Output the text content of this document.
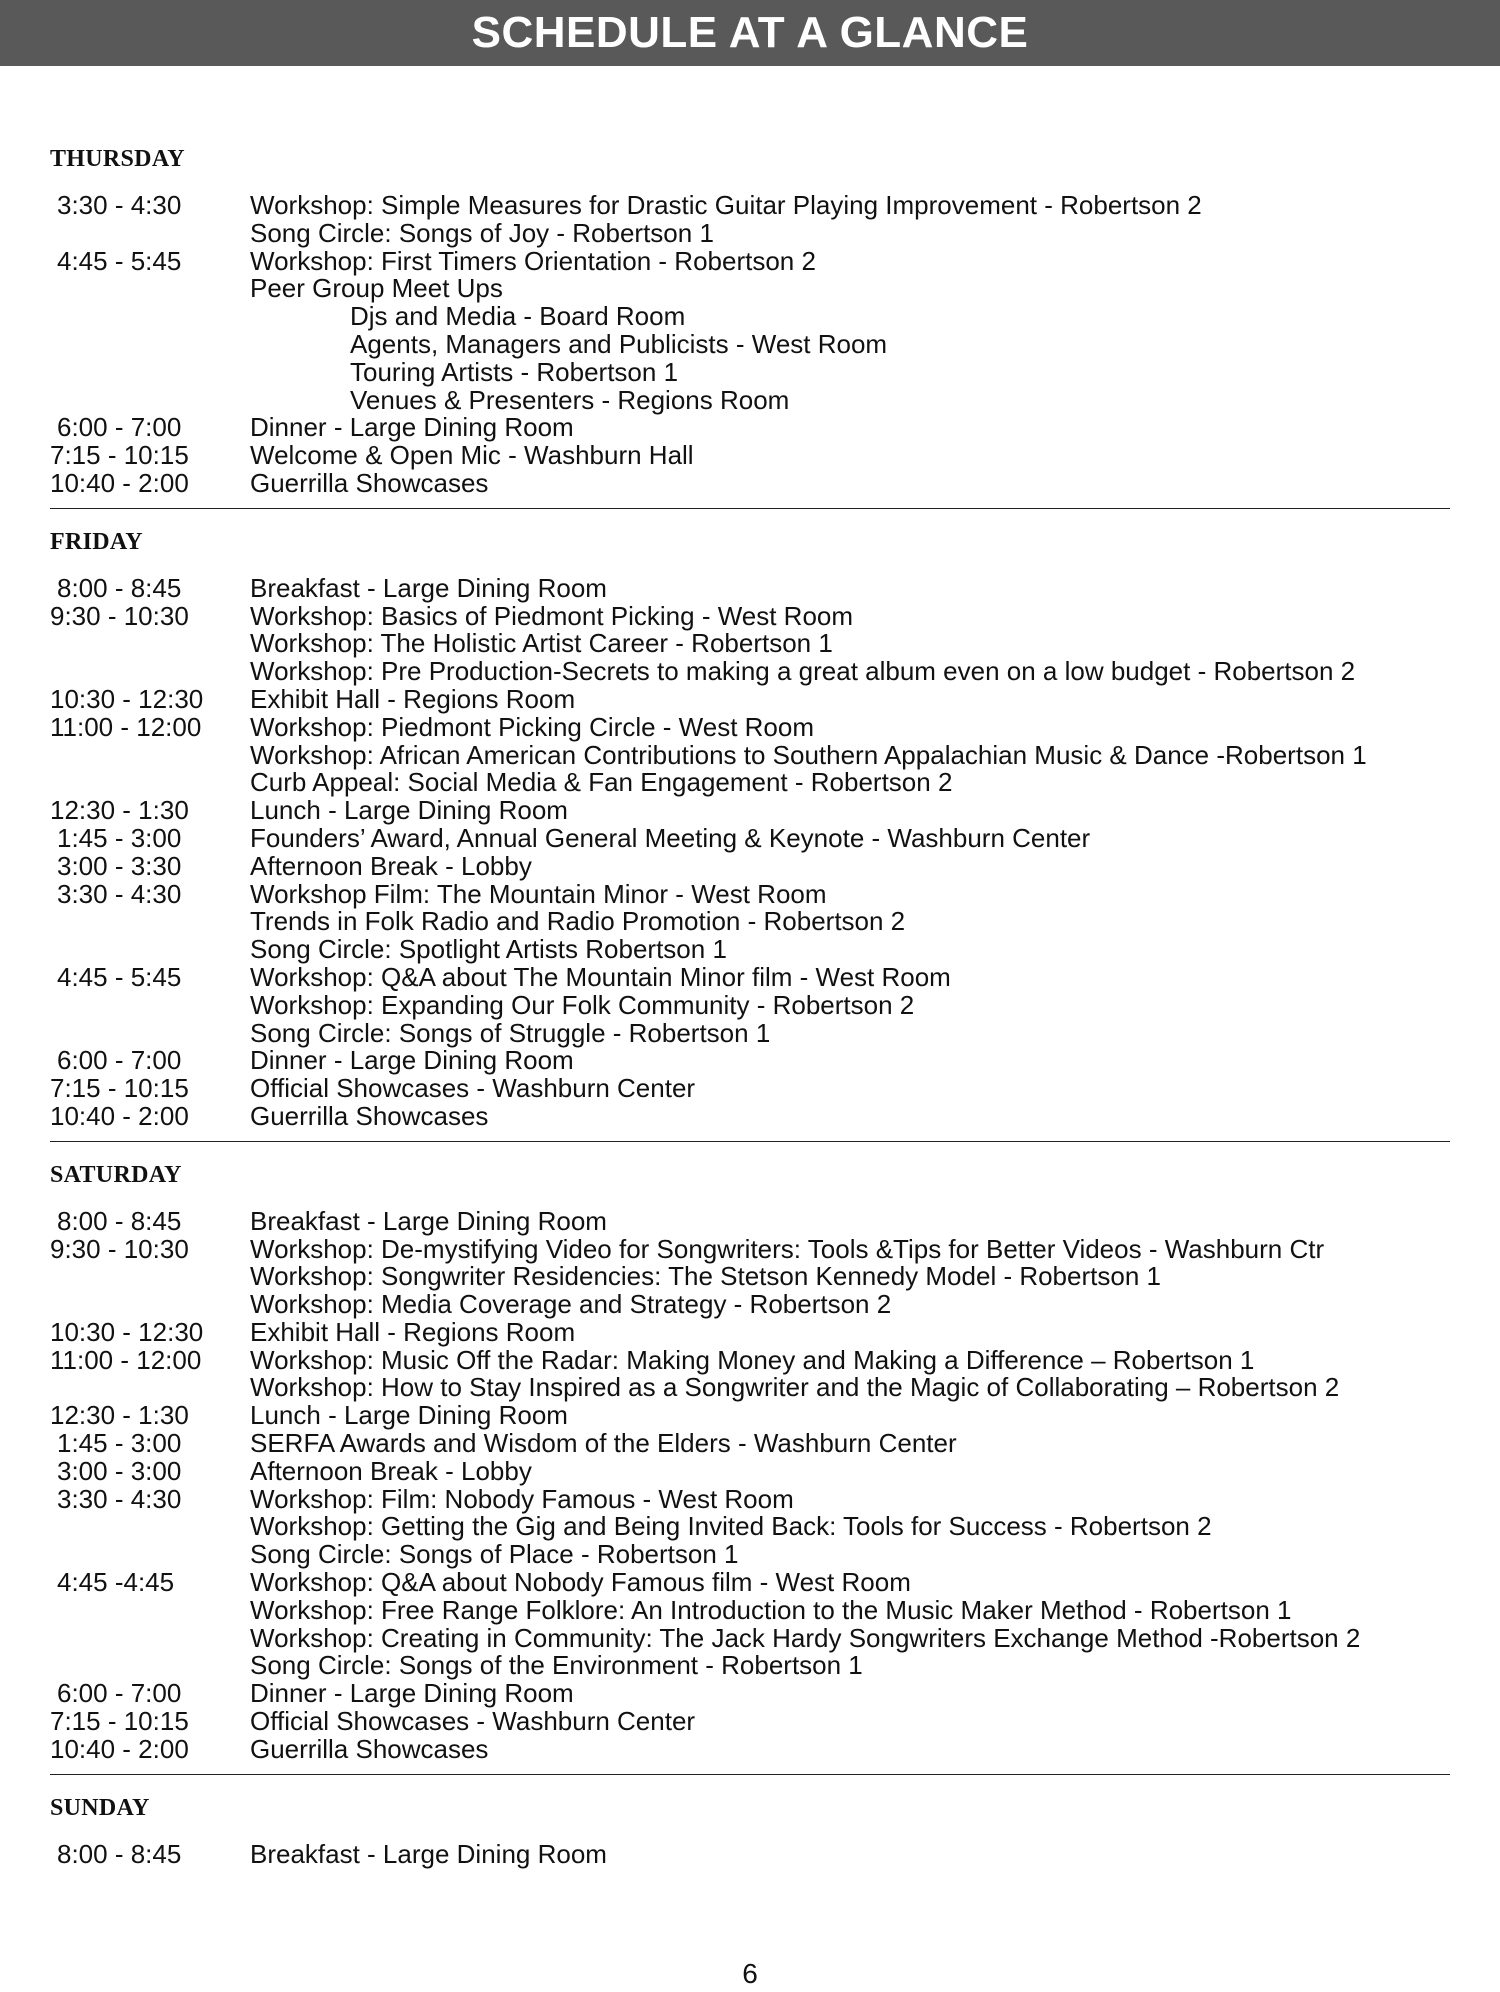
SCHEDULE AT A GLANCE
THURSDAY
3:30 - 4:30	Workshop: Simple Measures for Drastic Guitar Playing Improvement - Robertson 2
Song Circle: Songs of Joy - Robertson 1
4:45 - 5:45	Workshop: First Timers Orientation - Robertson 2
Peer Group Meet Ups
Djs and Media - Board Room
Agents, Managers and Publicists - West Room
Touring Artists - Robertson 1
Venues & Presenters - Regions Room
6:00 - 7:00	Dinner - Large Dining Room
7:15 - 10:15	Welcome & Open Mic - Washburn Hall
10:40 - 2:00	Guerrilla Showcases
FRIDAY
8:00 - 8:45	Breakfast - Large Dining Room
9:30 - 10:30	Workshop: Basics of Piedmont Picking - West Room
Workshop: The Holistic Artist Career - Robertson 1
Workshop: Pre Production-Secrets to making a great album even on a low budget - Robertson 2
10:30 - 12:30	Exhibit Hall - Regions Room
11:00 - 12:00	Workshop: Piedmont Picking Circle - West Room
Workshop: African American Contributions to Southern Appalachian Music & Dance -Robertson 1
Curb Appeal: Social Media & Fan Engagement - Robertson 2
12:30 - 1:30	Lunch - Large Dining Room
1:45 - 3:00	Founders’ Award, Annual General Meeting & Keynote - Washburn Center
3:00 - 3:30	Afternoon Break - Lobby
3:30 - 4:30	Workshop Film: The Mountain Minor - West Room
Trends in Folk Radio and Radio Promotion - Robertson 2
Song Circle: Spotlight Artists Robertson 1
4:45 - 5:45	Workshop: Q&A about The Mountain Minor film - West Room
Workshop: Expanding Our Folk Community - Robertson 2
Song Circle: Songs of Struggle - Robertson 1
6:00 - 7:00	Dinner - Large Dining Room
7:15 - 10:15	Official Showcases - Washburn Center
10:40 - 2:00	Guerrilla Showcases
SATURDAY
8:00 - 8:45	Breakfast - Large Dining Room
9:30 - 10:30	Workshop: De-mystifying Video for Songwriters: Tools &Tips for Better Videos - Washburn Ctr
Workshop: Songwriter Residencies: The Stetson Kennedy Model - Robertson 1
Workshop: Media Coverage and Strategy - Robertson 2
10:30 - 12:30	Exhibit Hall - Regions Room
11:00 - 12:00	Workshop: Music Off the Radar: Making Money and Making a Difference – Robertson 1
Workshop: How to Stay Inspired as a Songwriter and the Magic of Collaborating – Robertson 2
12:30 - 1:30	Lunch - Large Dining Room
1:45 - 3:00	SERFA Awards and Wisdom of the Elders - Washburn Center
3:00 - 3:00	Afternoon Break - Lobby
3:30 - 4:30	Workshop: Film: Nobody Famous - West Room
Workshop: Getting the Gig and Being Invited Back: Tools for Success - Robertson 2
Song Circle: Songs of Place - Robertson 1
4:45 -4:45	Workshop: Q&A about Nobody Famous film - West Room
Workshop: Free Range Folklore: An Introduction to the Music Maker Method - Robertson 1
Workshop: Creating in Community: The Jack Hardy Songwriters Exchange Method -Robertson 2
Song Circle: Songs of the Environment - Robertson 1
6:00 - 7:00	Dinner - Large Dining Room
7:15 - 10:15	Official Showcases - Washburn Center
10:40 - 2:00	Guerrilla Showcases
SUNDAY
8:00 - 8:45	Breakfast - Large Dining Room
6
